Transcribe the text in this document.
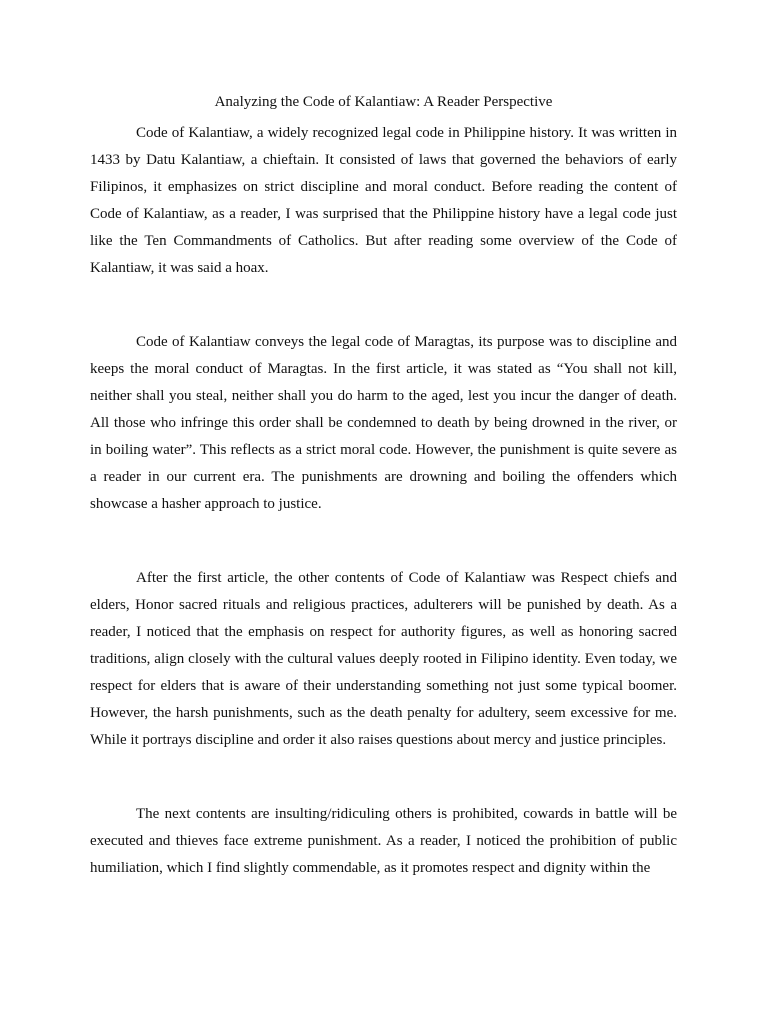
Analyzing the Code of Kalantiaw: A Reader Perspective

Code of Kalantiaw, a widely recognized legal code in Philippine history. It was written in 1433 by Datu Kalantiaw, a chieftain. It consisted of laws that governed the behaviors of early Filipinos, it emphasizes on strict discipline and moral conduct. Before reading the content of Code of Kalantiaw, as a reader, I was surprised that the Philippine history have a legal code just like the Ten Commandments of Catholics. But after reading some overview of the Code of Kalantiaw, it was said a hoax.

Code of Kalantiaw conveys the legal code of Maragtas, its purpose was to discipline and keeps the moral conduct of Maragtas. In the first article, it was stated as “You shall not kill, neither shall you steal, neither shall you do harm to the aged, lest you incur the danger of death. All those who infringe this order shall be condemned to death by being drowned in the river, or in boiling water”. This reflects as a strict moral code. However, the punishment is quite severe as a reader in our current era. The punishments are drowning and boiling the offenders which showcase a hasher approach to justice.

After the first article, the other contents of Code of Kalantiaw was Respect chiefs and elders, Honor sacred rituals and religious practices, adulterers will be punished by death. As a reader, I noticed that the emphasis on respect for authority figures, as well as honoring sacred traditions, align closely with the cultural values deeply rooted in Filipino identity. Even today, we respect for elders that is aware of their understanding something not just some typical boomer. However, the harsh punishments, such as the death penalty for adultery, seem excessive for me. While it portrays discipline and order it also raises questions about mercy and justice principles.

The next contents are insulting/ridiculing others is prohibited, cowards in battle will be executed and thieves face extreme punishment. As a reader, I noticed the prohibition of public humiliation, which I find slightly commendable, as it promotes respect and dignity within the
